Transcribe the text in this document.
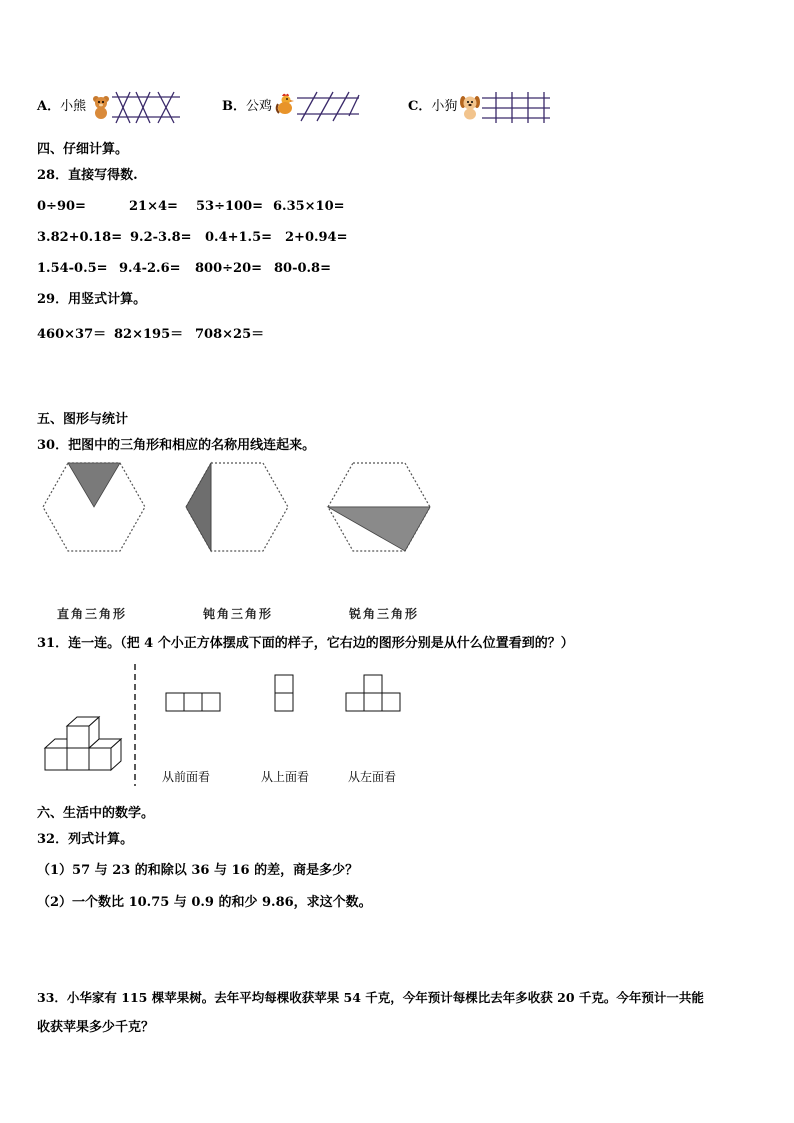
A．小熊	B．公鸡	C．小狗
四、仔细计算。
28．直接写得数.
0÷90=	21×4= 53÷100= 6.35×10=
3.82+0.18= 9.2-3.8= 0.4+1.5= 2+0.94=
1.54-0.5= 9.4-2.6= 800÷20= 80-0.8=
29．用竖式计算。
460×37＝ 82×195＝ 708×25＝
五、图形与统计
30．把图中的三角形和相应的名称用线连起来。
直角三角形	钝角三角形	锐角三角形
31．连一连。（把 4 个小正方体摆成下面的样子，它右边的图形分别是从什么位置看到的？）
从前面看	从上面看	从左面看
六、生活中的数学。
32．列式计算。
（1）57 与 23 的和除以 36 与 16 的差，商是多少？
（2）一个数比 10.75 与 0.9 的和少 9.86，求这个数。
33．小华家有 115 棵苹果树。去年平均每棵收获苹果 54 千克，今年预计每棵比去年多收获 20 千克。今年预计一共能
收获苹果多少千克？
